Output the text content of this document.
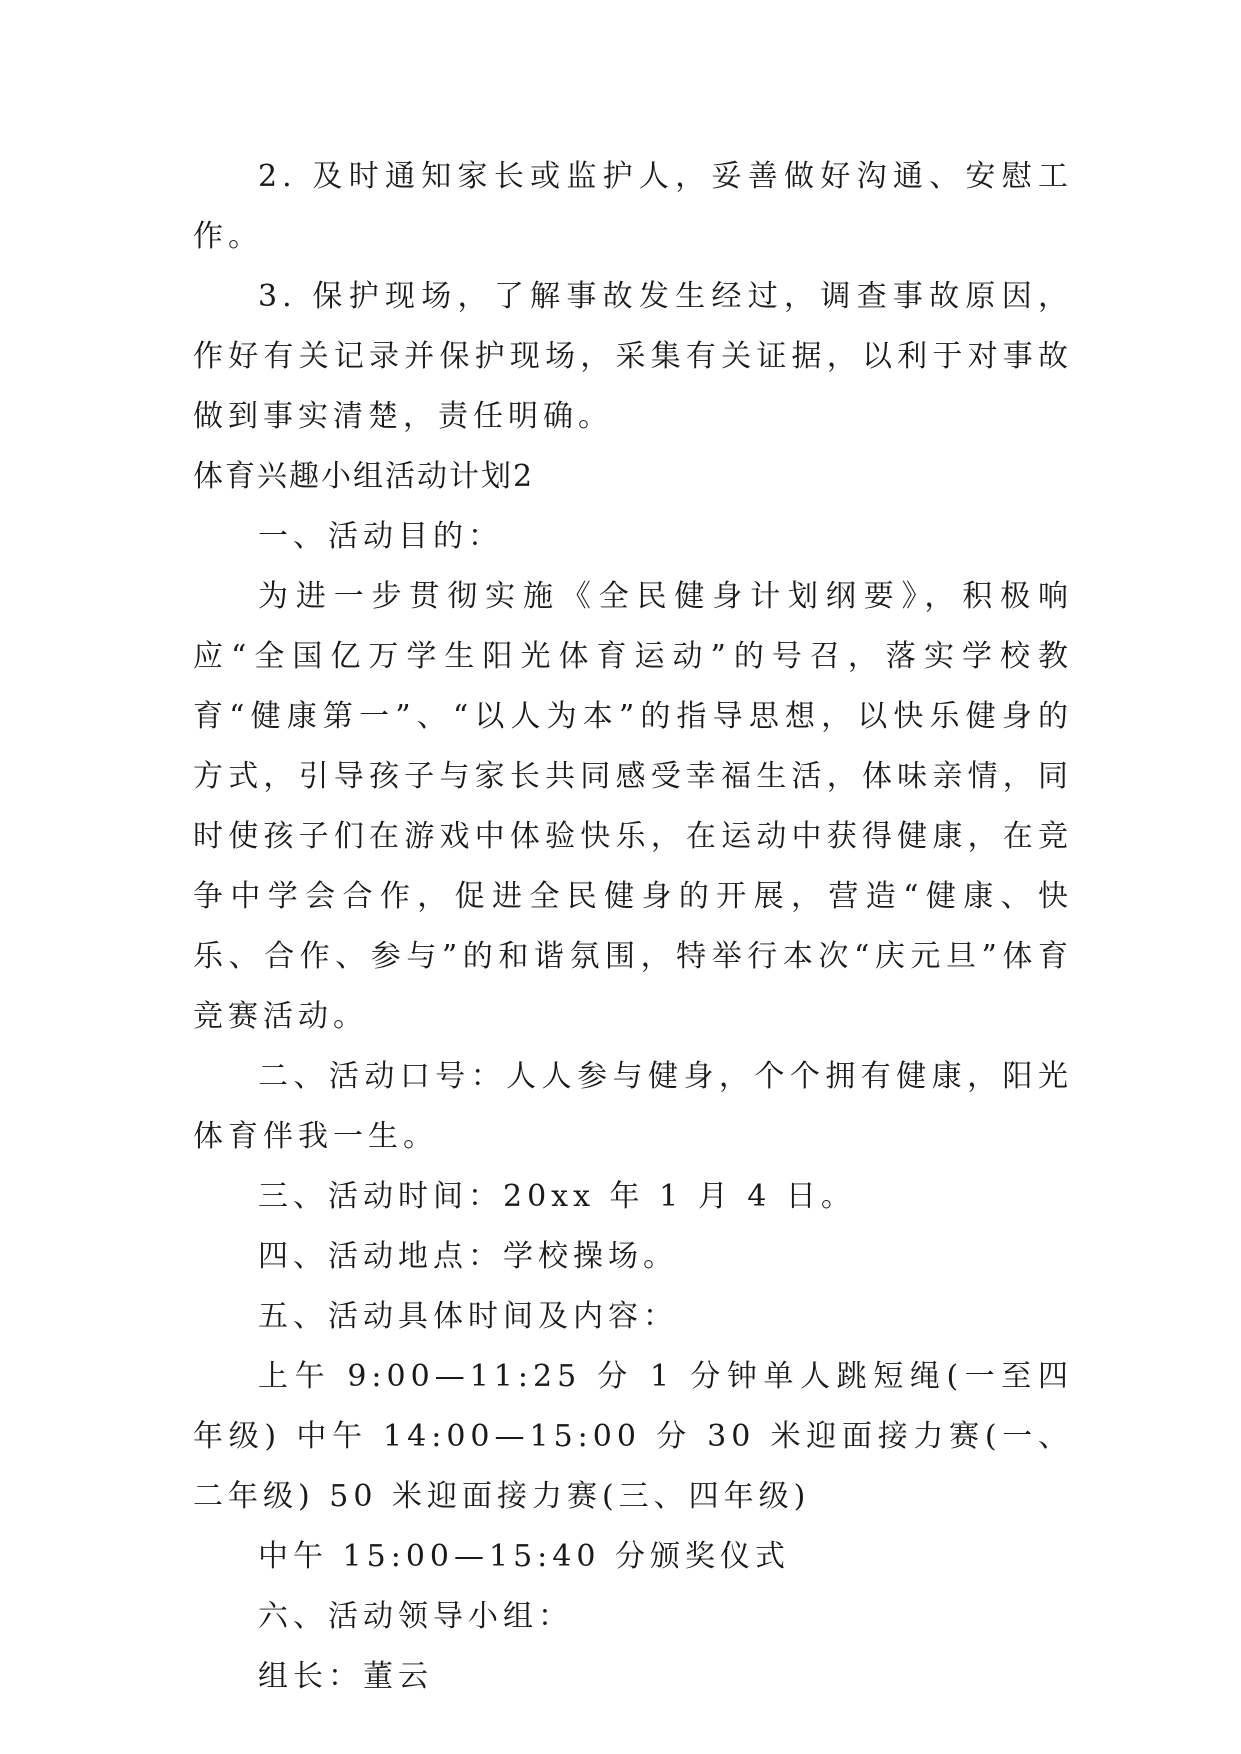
2. 及时通知家长或监护人，妥善做好沟通、安慰工作。

3. 保护现场，了解事故发生经过，调查事故原因，作好有关记录并保护现场，采集有关证据，以利于对事故做到事实清楚，责任明确。

体育兴趣小组活动计划2

一、活动目的：

为进一步贯彻实施《全民健身计划纲要》，积极响应“全国亿万学生阳光体育运动”的号召，落实学校教育“健康第一”、“以人为本”的指导思想，以快乐健身的方式，引导孩子与家长共同感受幸福生活，体味亲情，同时使孩子们在游戏中体验快乐，在运动中获得健康，在竞争中学会合作，促进全民健身的开展，营造“健康、快乐、合作、参与”的和谐氛围，特举行本次“庆元旦”体育竞赛活动。

二、活动口号：人人参与健身，个个拥有健康，阳光体育伴我一生。

三、活动时间：20xx 年 1 月 4 日。

四、活动地点：学校操场。

五、活动具体时间及内容：

上午 9:00—11:25 分 1 分钟单人跳短绳(一至四年级) 中午 14:00—15:00 分 30 米迎面接力赛(一、二年级) 50 米迎面接力赛(三、四年级)

中午 15:00—15:40 分颁奖仪式

六、活动领导小组：

组长：董云
